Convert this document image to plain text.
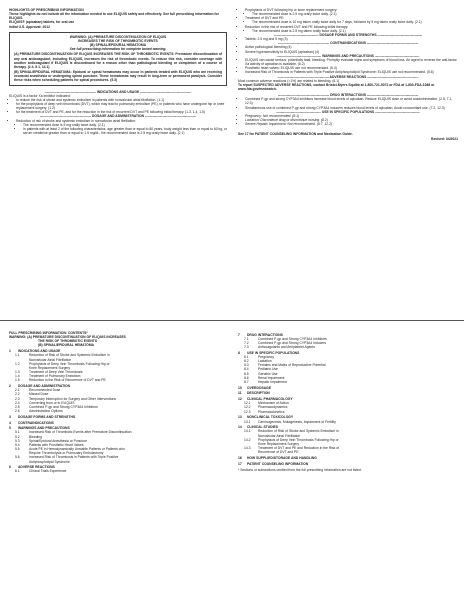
HIGHLIGHTS OF PRESCRIBING INFORMATION

These highlights do not include all the information needed to use ELIQUIS safely and effectively. See full prescribing information for ELIQUIS.

ELIQUIS® (apixaban) tablets, for oral use

Initial U.S. Approval: 2012

WARNING: (A) PREMATURE DISCONTINUATION OF ELIQUIS

INCREASES THE RISK OF THROMBOTIC EVENTS

(B) SPINAL/EPIDURAL HEMATOMA

See full prescribing information for complete boxed warning.

(A) PREMATURE DISCONTINUATION OF ELIQUIS INCREASES THE RISK OF THROMBOTIC EVENTS: Premature discontinuation of any oral anticoagulant, including ELIQUIS, increases the risk of thrombotic events. To reduce this risk, consider coverage with another anticoagulant if ELIQUIS is discontinued for a reason other than pathological bleeding or completion of a course of therapy. (2.4, 5.1, 14.1)

(B) SPINAL/EPIDURAL HEMATOMA: Epidural or spinal hematomas may occur in patients treated with ELIQUIS who are receiving neuraxial anesthesia or undergoing spinal puncture. These hematomas may result in long-term or permanent paralysis. Consider these risks when scheduling patients for spinal procedures. (5.3)

---------------------------------------------- INDICATIONS AND USAGE ----------------------------------------------

ELIQUIS is a factor Xa inhibitor indicated:

• to reduce the risk of stroke and systemic embolism in patients with nonvalvular atrial fibrillation. (1.1)
• for the prophylaxis of deep vein thrombosis (DVT), which may lead to pulmonary embolism (PE), in patients who have undergone hip or knee replacement surgery. (1.2)
• for the treatment of DVT and PE, and for the reduction in the risk of recurrent DVT and PE following initial therapy. (1.3, 1.4, 1.5)
---------------------------------------------- DOSAGE AND ADMINISTRATION ----------------------------------------------
• Reduction of risk of stroke and systemic embolism in nonvalvular atrial fibrillation:
• The recommended dose is 5 mg orally twice daily. (2.1)
• In patients with at least 2 of the following characteristics: age greater than or equal to 80 years, body weight less than or equal to 60 kg, or serum creatinine greater than or equal to 1.5 mg/dL, the recommended dose is 2.5 mg orally twice daily. (2.1)
• Prophylaxis of DVT following hip or knee replacement surgery:
• The recommended dose is 2.5 mg orally twice daily. (2.1)
• Treatment of DVT and PE:
• The recommended dose is 10 mg taken orally twice daily for 7 days, followed by 5 mg taken orally twice daily. (2.1)
• Reduction in the risk of recurrent DVT and PE following initial therapy:
• The recommended dose is 2.5 mg taken orally twice daily. (2.1)
---------------------------------------- DOSAGE FORMS AND STRENGTHS ----------------------------------------
• Tablets: 2.5 mg and 5 mg (3)
---------------------------------------------- CONTRAINDICATIONS ----------------------------------------------
• Active pathological bleeding (4)
• Severe hypersensitivity to ELIQUIS (apixaban) (4)
---------------------------------------- WARNINGS AND PRECAUTIONS ----------------------------------------
• ELIQUIS can cause serious, potentially fatal, bleeding. Promptly evaluate signs and symptoms of blood loss. An agent to reverse the anti-factor Xa activity of apixaban is available. (5.2)
• Prosthetic heart valves: ELIQUIS use not recommended. (5.4)
• Increased Risk of Thrombosis in Patients with Triple Positive Antiphospholipid Syndrome: ELIQUIS use not recommended. (5.6)
---------------------------------------------- ADVERSE REACTIONS ----------------------------------------------

Most common adverse reactions (>1%) are related to bleeding. (6.1)

To report SUSPECTED ADVERSE REACTIONS, contact Bristol-Myers Squibb at 1-800-721-5072 or FDA at 1-800-FDA-1088 or www.fda.gov/medwatch.

---------------------------------------------- DRUG INTERACTIONS ----------------------------------------------
• Combined P-gp and strong CYP3A4 inhibitors increase blood levels of apixaban. Reduce ELIQUIS dose or avoid coadministration. (2.5, 7.1, 12.3)
• Simultaneous use of combined P-gp and strong CYP3A4 inducers reduces blood levels of apixaban: Avoid concomitant use. (7.2, 12.3)
---------------------------------------- USE IN SPECIFIC POPULATIONS ----------------------------------------
• Pregnancy: Not recommended. (8.1)
• Lactation: Discontinue drug or discontinue nursing. (8.2)
• Severe Hepatic Impairment: Not recommended. (8.7, 12.2)

See 17 for PATIENT COUNSELING INFORMATION and Medication Guide.

Revised: 04/2021

FULL PRESCRIBING INFORMATION: CONTENTS*

WARNING: (A) PREMATURE DISCONTINUATION OF ELIQUIS INCREASES

THE RISK OF THROMBOTIC EVENTS

(B) SPINAL/EPIDURAL HEMATOMA

1 INDICATIONS AND USAGE
1.1	Reduction of Risk of Stroke and Systemic Embolism in
Nonvalvular Atrial Fibrillation
1.2	Prophylaxis of Deep Vein Thrombosis Following Hip or
Knee Replacement Surgery
1.3	Treatment of Deep Vein Thrombosis
1.4	Treatment of Pulmonary Embolism
1.5	Reduction in the Risk of Recurrence of DVT and PE
2 DOSAGE AND ADMINISTRATION
2.1	Recommended Dose
2.2	Missed Dose
2.3	Temporary Interruption for Surgery and Other Interventions
2.4	Converting from or to ELIQUIS
2.5	Combined P-gp and Strong CYP3A4 Inhibitors
2.6	Administration Options
3 DOSAGE FORMS AND STRENGTHS
4 CONTRAINDICATIONS
5 WARNINGS AND PRECAUTIONS
5.1	Increased Risk of Thrombotic Events after Premature Discontinuation
5.2	Bleeding
5.3	Spinal/Epidural Anesthesia or Puncture
5.4	Patients with Prosthetic Heart Valves
5.5	Acute PE in Hemodynamically Unstable Patients or Patients who
Require Thrombolysis or Pulmonary Embolectomy
5.6	Increased Risk of Thrombosis in Patients with Triple Positive
Antiphospholipid Syndrome
6 ADVERSE REACTIONS
6.1	Clinical Trials Experience
7 DRUG INTERACTIONS
7.1	Combined P-gp and Strong CYP3A4 Inhibitors
7.2	Combined P-gp and Strong CYP3A4 Inducers
7.3	Anticoagulants and Antiplatelet Agents
8 USE IN SPECIFIC POPULATIONS
8.1	Pregnancy
8.2	Lactation
8.3	Females and Males of Reproductive Potential
8.4	Pediatric Use
8.5	Geriatric Use
8.6	Renal Impairment
8.7	Hepatic Impairment
10 OVERDOSAGE
11 DESCRIPTION
12 CLINICAL PHARMACOLOGY
12.1 Mechanism of Action
12.2 Pharmacodynamics
12.3 Pharmacokinetics
13 NONCLINICAL TOXICOLOGY
13.1 Carcinogenesis, Mutagenesis, Impairment of Fertility
14 CLINICAL STUDIES
14.1 Reduction of Risk of Stroke and Systemic Embolism in
Nonvalvular Atrial Fibrillation
14.2 Prophylaxis of Deep Vein Thrombosis Following Hip or
Knee Replacement Surgery
14.3 Treatment of DVT and PE and Reduction in the Risk of
Recurrence of DVT and PE
16 HOW SUPPLIED/STORAGE AND HANDLING
17 PATIENT COUNSELING INFORMATION

* Sections or subsections omitted from the full prescribing information are not listed.
